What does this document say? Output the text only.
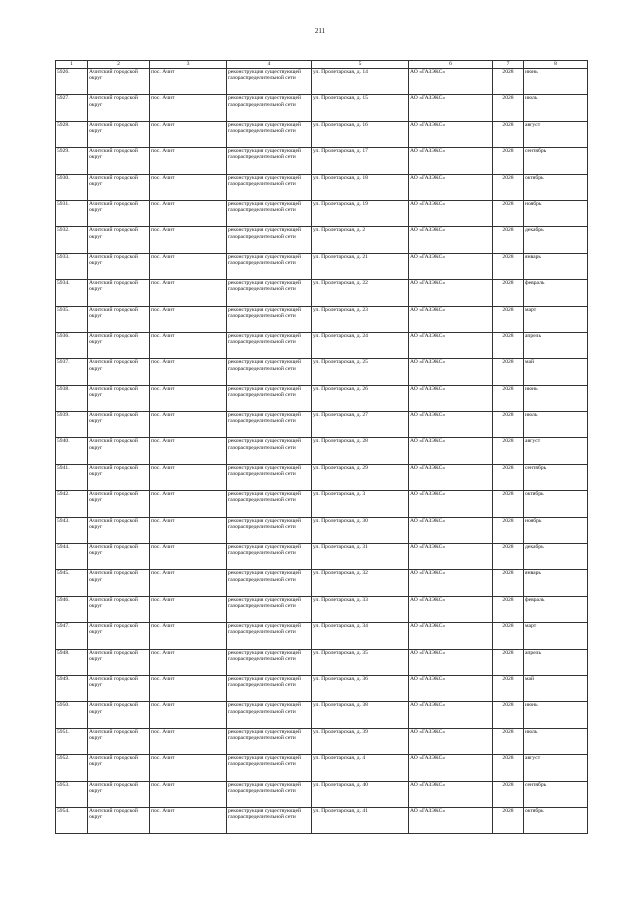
211
1	2	3	4	5	6	7	8
5926.	Ачитский городской округ	пос. Ачит	реконструкция существующей газораспределительной сети	ул. Пролетарская, д. 14	АО «ГАЗЭКС»	2028	июнь
5927.	Ачитский городской округ	пос. Ачит	реконструкция существующей газораспределительной сети	ул. Пролетарская, д. 15	АО «ГАЗЭКС»	2028	июль
5928.	Ачитский городской округ	пос. Ачит	реконструкция существующей газораспределительной сети	ул. Пролетарская, д. 16	АО «ГАЗЭКС»	2028	август
5929.	Ачитский городской округ	пос. Ачит	реконструкция существующей газораспределительной сети	ул. Пролетарская, д. 17	АО «ГАЗЭКС»	2028	сентябрь
5930.	Ачитский городской округ	пос. Ачит	реконструкция существующей газораспределительной сети	ул. Пролетарская, д. 18	АО «ГАЗЭКС»	2028	октябрь
5931.	Ачитский городской округ	пос. Ачит	реконструкция существующей газораспределительной сети	ул. Пролетарская, д. 19	АО «ГАЗЭКС»	2028	ноябрь
5932.	Ачитский городской округ	пос. Ачит	реконструкция существующей газораспределительной сети	ул. Пролетарская, д. 2	АО «ГАЗЭКС»	2028	декабрь
5933.	Ачитский городской округ	пос. Ачит	реконструкция существующей газораспределительной сети	ул. Пролетарская, д. 21	АО «ГАЗЭКС»	2028	январь
5934.	Ачитский городской округ	пос. Ачит	реконструкция существующей газораспределительной сети	ул. Пролетарская, д. 22	АО «ГАЗЭКС»	2028	февраль
5935.	Ачитский городской округ	пос. Ачит	реконструкция существующей газораспределительной сети	ул. Пролетарская, д. 23	АО «ГАЗЭКС»	2028	март
5936.	Ачитский городской округ	пос. Ачит	реконструкция существующей газораспределительной сети	ул. Пролетарская, д. 24	АО «ГАЗЭКС»	2028	апрель
5937.	Ачитский городской округ	пос. Ачит	реконструкция существующей газораспределительной сети	ул. Пролетарская, д. 25	АО «ГАЗЭКС»	2028	май
5938.	Ачитский городской округ	пос. Ачит	реконструкция существующей газораспределительной сети	ул. Пролетарская, д. 26	АО «ГАЗЭКС»	2028	июнь
5939.	Ачитский городской округ	пос. Ачит	реконструкция существующей газораспределительной сети	ул. Пролетарская, д. 27	АО «ГАЗЭКС»	2028	июль
5940.	Ачитский городской округ	пос. Ачит	реконструкция существующей газораспределительной сети	ул. Пролетарская, д. 28	АО «ГАЗЭКС»	2028	август
5941.	Ачитский городской округ	пос. Ачит	реконструкция существующей газораспределительной сети	ул. Пролетарская, д. 29	АО «ГАЗЭКС»	2028	сентябрь
5942.	Ачитский городской округ	пос. Ачит	реконструкция существующей газораспределительной сети	ул. Пролетарская, д. 3	АО «ГАЗЭКС»	2028	октябрь
5943.	Ачитский городской округ	пос. Ачит	реконструкция существующей газораспределительной сети	ул. Пролетарская, д. 30	АО «ГАЗЭКС»	2028	ноябрь
5944.	Ачитский городской округ	пос. Ачит	реконструкция существующей газораспределительной сети	ул. Пролетарская, д. 31	АО «ГАЗЭКС»	2028	декабрь
5945.	Ачитский городской округ	пос. Ачит	реконструкция существующей газораспределительной сети	ул. Пролетарская, д. 32	АО «ГАЗЭКС»	2028	январь
5946.	Ачитский городской округ	пос. Ачит	реконструкция существующей газораспределительной сети	ул. Пролетарская, д. 33	АО «ГАЗЭКС»	2028	февраль
5947.	Ачитский городской округ	пос. Ачит	реконструкция существующей газораспределительной сети	ул. Пролетарская, д. 34	АО «ГАЗЭКС»	2028	март
5948.	Ачитский городской округ	пос. Ачит	реконструкция существующей газораспределительной сети	ул. Пролетарская, д. 35	АО «ГАЗЭКС»	2028	апрель
5949.	Ачитский городской округ	пос. Ачит	реконструкция существующей газораспределительной сети	ул. Пролетарская, д. 36	АО «ГАЗЭКС»	2028	май
5950.	Ачитский городской округ	пос. Ачит	реконструкция существующей газораспределительной сети	ул. Пролетарская, д. 38	АО «ГАЗЭКС»	2028	июнь
5951.	Ачитский городской округ	пос. Ачит	реконструкция существующей газораспределительной сети	ул. Пролетарская, д. 39	АО «ГАЗЭКС»	2028	июль
5952.	Ачитский городской округ	пос. Ачит	реконструкция существующей газораспределительной сети	ул. Пролетарская, д. 4	АО «ГАЗЭКС»	2028	август
5953.	Ачитский городской округ	пос. Ачит	реконструкция существующей газораспределительной сети	ул. Пролетарская, д. 40	АО «ГАЗЭКС»	2028	сентябрь
5954.	Ачитский городской округ	пос. Ачит	реконструкция существующей газораспределительной сети	ул. Пролетарская, д. 41	АО «ГАЗЭКС»	2028	октябрь
